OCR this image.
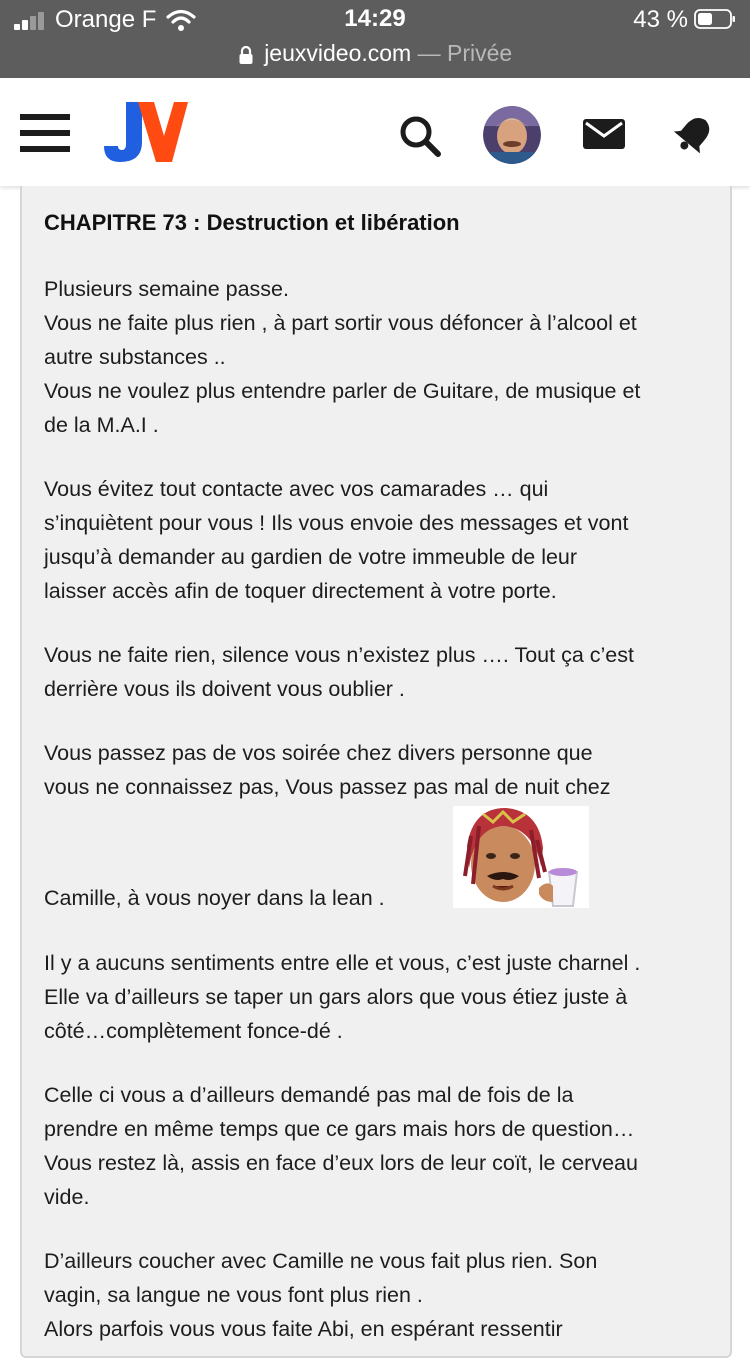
Orange F	14:29	43 %
jeuxvideo.com — Privée
CHAPITRE 73 : Destruction et libération

Plusieurs semaine passe.
Vous ne faite plus rien , à part sortir vous défoncer à l’alcool et
autre substances ..
Vous ne voulez plus entendre parler de Guitare, de musique et
de la M.A.I .

Vous évitez tout contacte avec vos camarades … qui
s’inquiètent pour vous ! Ils vous envoie des messages et vont
jusqu’à demander au gardien de votre immeuble de leur
laisser accès afin de toquer directement à votre porte.

Vous ne faite rien, silence vous n’existez plus …. Tout ça c’est
derrière vous ils doivent vous oublier .

Vous passez pas de vos soirée chez divers personne que
vous ne connaissez pas, Vous passez pas mal de nuit chez

Camille, à vous noyer dans la lean .

Il y a aucuns sentiments entre elle et vous, c’est juste charnel .
Elle va d’ailleurs se taper un gars alors que vous étiez juste à
côté…complètement fonce-dé .

Celle ci vous a d’ailleurs demandé pas mal de fois de la
prendre en même temps que ce gars mais hors de question…
Vous restez là, assis en face d’eux lors de leur coït, le cerveau
vide.

D’ailleurs coucher avec Camille ne vous fait plus rien. Son
vagin, sa langue ne vous font plus rien .
Alors parfois vous vous faite Abi, en espérant ressentir
